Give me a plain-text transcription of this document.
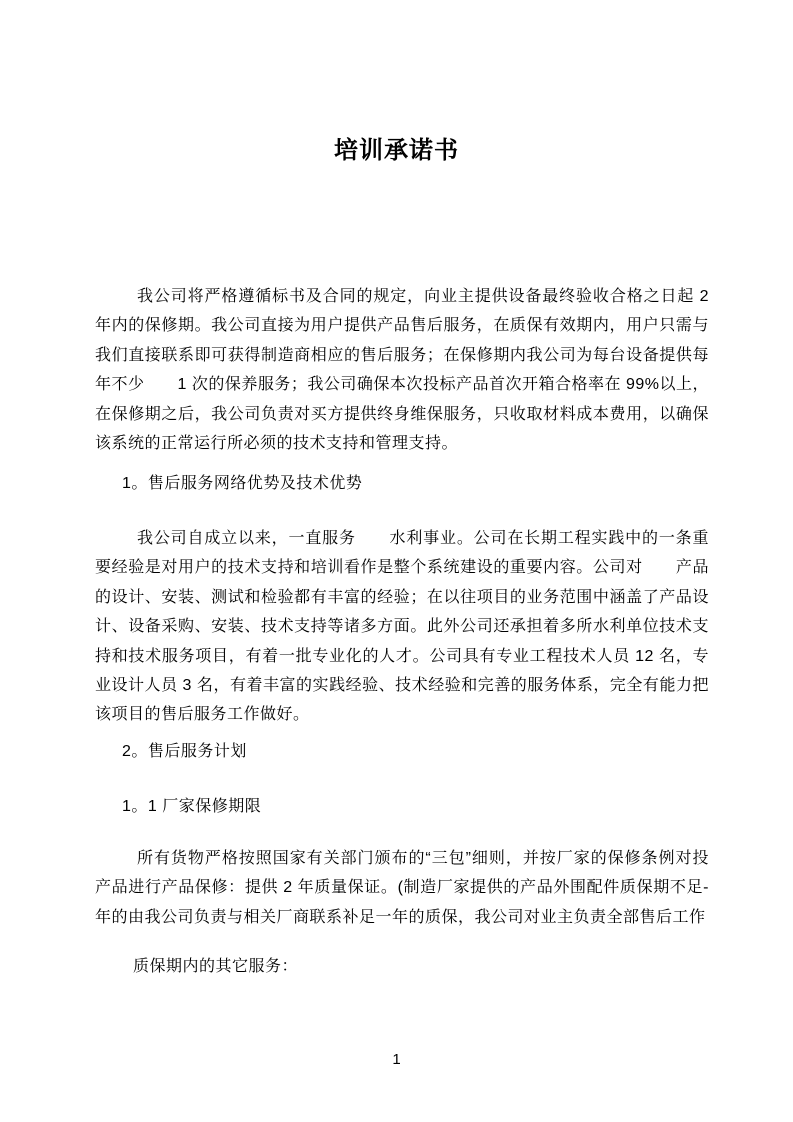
培训承诺书

我公司将严格遵循标书及合同的规定，向业主提供设备最终验收合格之日起 2 年内的保修期。我公司直接为用户提供产品售后服务，在质保有效期内，用户只需与我们直接联系即可获得制造商相应的售后服务；在保修期内我公司为每台设备提供每年不少　　1 次的保养服务；我公司确保本次投标产品首次开箱合格率在 99%以上，在保修期之后，我公司负责对买方提供终身维保服务，只收取材料成本费用，以确保该系统的正常运行所必须的技术支持和管理支持。

1。售后服务网络优势及技术优势

我公司自成立以来，一直服务　　水利事业。公司在长期工程实践中的一条重要经验是对用户的技术支持和培训看作是整个系统建设的重要内容。公司对　　产品的设计、安装、测试和检验都有丰富的经验；在以往项目的业务范围中涵盖了产品设计、设备采购、安装、技术支持等诸多方面。此外公司还承担着多所水利单位技术支持和技术服务项目，有着一批专业化的人才。公司具有专业工程技术人员 12 名，专业设计人员 3 名，有着丰富的实践经验、技术经验和完善的服务体系，完全有能力把该项目的售后服务工作做好。

2。售后服务计划
1。1 厂家保修期限

所有货物严格按照国家有关部门颁布的“三包”细则，并按厂家的保修条例对投产品进行产品保修：提供 2 年质量保证。(制造厂家提供的产品外围配件质保期不足-年的由我公司负责与相关厂商联系补足一年的质保，我公司对业主负责全部售后工作

质保期内的其它服务：

1
